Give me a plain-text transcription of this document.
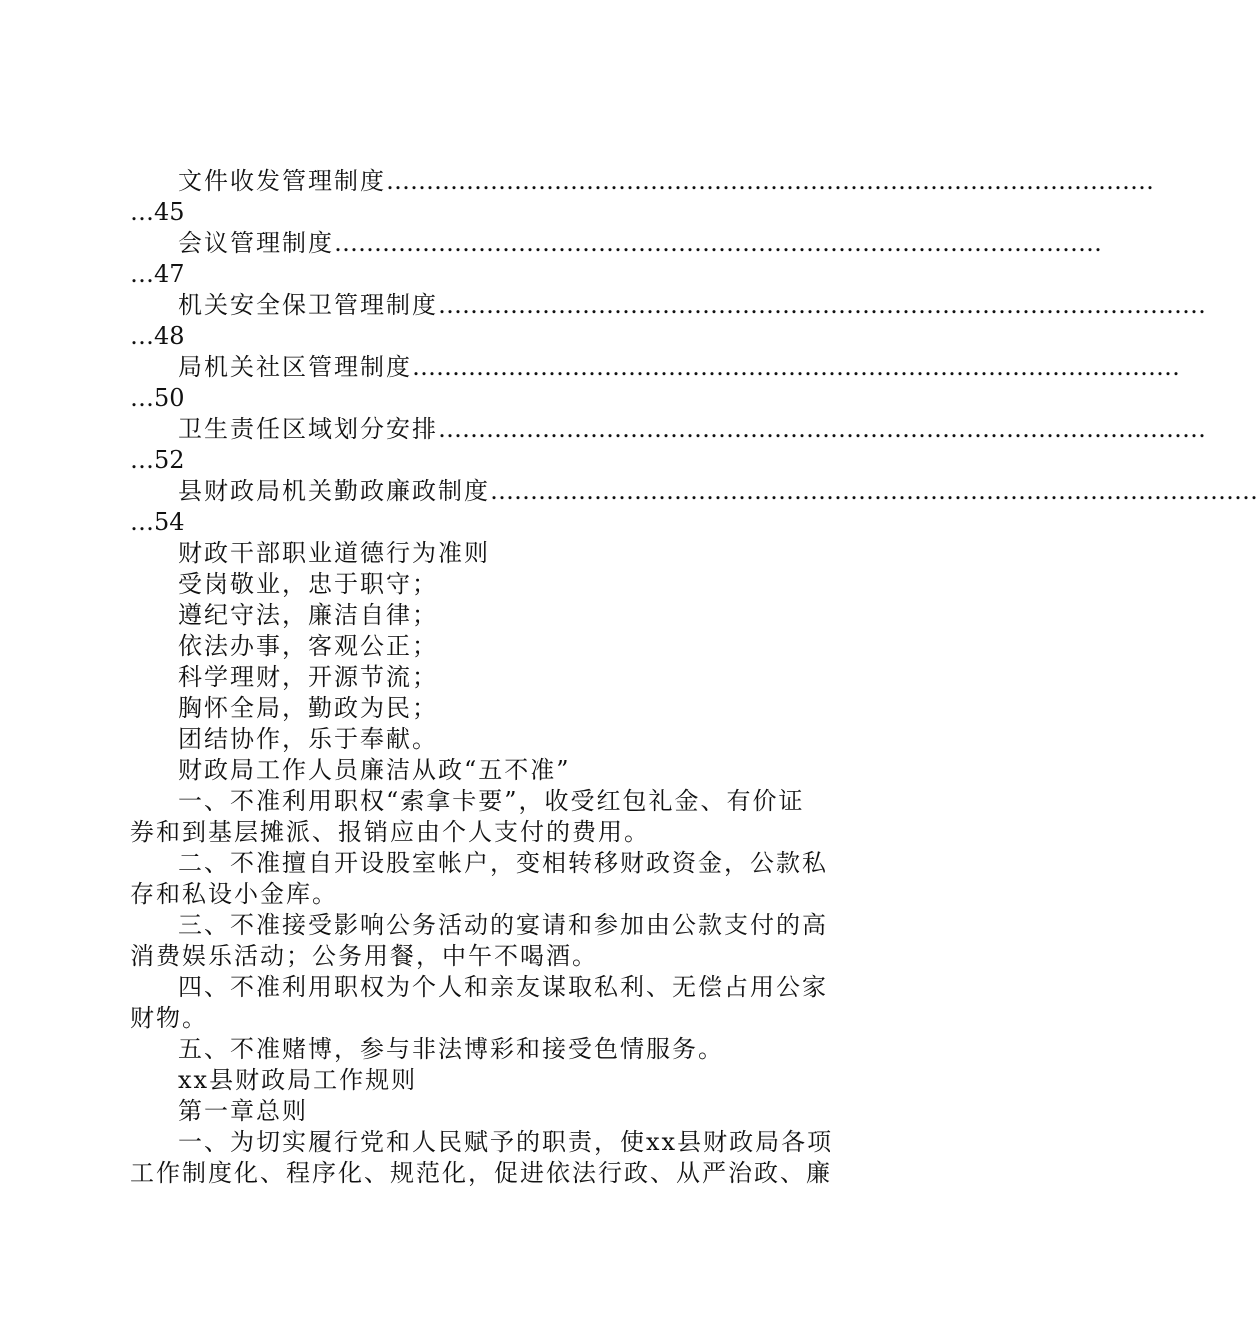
文件收发管理制度 ……………………………………………………………………………………
…45
会议管理制度 ……………………………………………………………………………………
…47
机关安全保卫管理制度 ……………………………………………………………………………………
…48
局机关社区管理制度 ……………………………………………………………………………………
…50
卫生责任区域划分安排 ……………………………………………………………………………………
…52
县财政局机关勤政廉政制度 ……………………………………………………………………………………
…54
财政干部职业道德行为准则
受岗敬业，忠于职守；
遵纪守法，廉洁自律；
依法办事，客观公正；
科学理财，开源节流；
胸怀全局，勤政为民；
团结协作，乐于奉献。
财政局工作人员廉洁从政“五不准”
一、不准利用职权“索拿卡要”，收受红包礼金、有价证
券和到基层摊派、报销应由个人支付的费用。
二、不准擅自开设股室帐户，变相转移财政资金，公款私
存和私设小金库。
三、不准接受影响公务活动的宴请和参加由公款支付的高
消费娱乐活动；公务用餐，中午不喝酒。
四、不准利用职权为个人和亲友谋取私利、无偿占用公家
财物。
五、不准赌博，参与非法博彩和接受色情服务。
xx县财政局工作规则
第一章总则
一、为切实履行党和人民赋予的职责，使xx县财政局各项
工作制度化、程序化、规范化，促进依法行政、从严治政、廉
